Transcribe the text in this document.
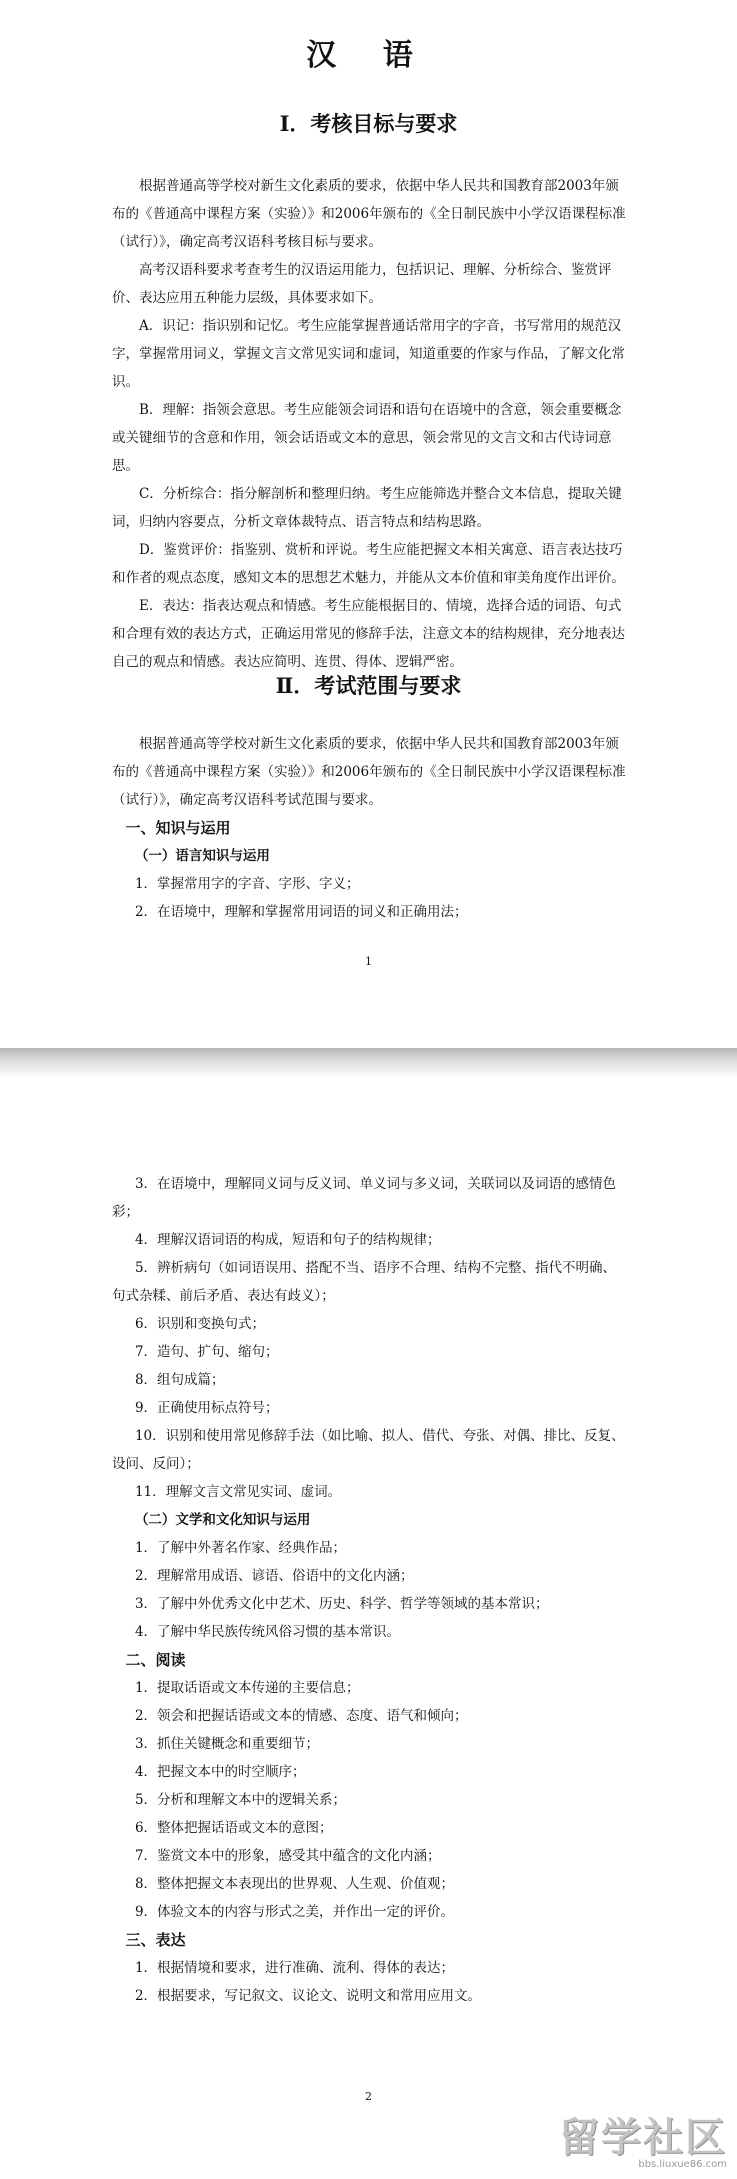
汉 语
Ⅰ．考核目标与要求

根据普通高等学校对新生文化素质的要求，依据中华人民共和国教育部2003年颁布的《普通高中课程方案（实验）》和2006年颁布的《全日制民族中小学汉语课程标准（试行）》，确定高考汉语科考核目标与要求。

高考汉语科要求考查考生的汉语运用能力，包括识记、理解、分析综合、鉴赏评价、表达应用五种能力层级，具体要求如下。

A．识记：指识别和记忆。考生应能掌握普通话常用字的字音，书写常用的规范汉字，掌握常用词义，掌握文言文常见实词和虚词，知道重要的作家与作品，了解文化常识。

B．理解：指领会意思。考生应能领会词语和语句在语境中的含意，领会重要概念或关键细节的含意和作用，领会话语或文本的意思，领会常见的文言文和古代诗词意思。

C．分析综合：指分解剖析和整理归纳。考生应能筛选并整合文本信息，提取关键词，归纳内容要点，分析文章体裁特点、语言特点和结构思路。

D．鉴赏评价：指鉴别、赏析和评说。考生应能把握文本相关寓意、语言表达技巧和作者的观点态度，感知文本的思想艺术魅力，并能从文本价值和审美角度作出评价。

E．表达：指表达观点和情感。考生应能根据目的、情境，选择合适的词语、句式和合理有效的表达方式，正确运用常见的修辞手法，注意文本的结构规律，充分地表达自己的观点和情感。表达应简明、连贯、得体、逻辑严密。

Ⅱ．考试范围与要求

根据普通高等学校对新生文化素质的要求，依据中华人民共和国教育部2003年颁布的《普通高中课程方案（实验）》和2006年颁布的《全日制民族中小学汉语课程标准（试行）》，确定高考汉语科考试范围与要求。

一、知识与运用

（一）语言知识与运用

1．掌握常用字的字音、字形、字义；

2．在语境中，理解和掌握常用词语的词义和正确用法；

1

3．在语境中，理解同义词与反义词、单义词与多义词，关联词以及词语的感情色彩；

4．理解汉语词语的构成，短语和句子的结构规律；

5．辨析病句（如词语误用、搭配不当、语序不合理、结构不完整、指代不明确、句式杂糅、前后矛盾、表达有歧义）；

6．识别和变换句式；

7．造句、扩句、缩句；

8．组句成篇；

9．正确使用标点符号；

10．识别和使用常见修辞手法（如比喻、拟人、借代、夸张、对偶、排比、反复、设问、反问）；

11．理解文言文常见实词、虚词。

（二）文学和文化知识与运用

1．了解中外著名作家、经典作品；

2．理解常用成语、谚语、俗语中的文化内涵；

3．了解中外优秀文化中艺术、历史、科学、哲学等领域的基本常识；

4．了解中华民族传统风俗习惯的基本常识。

二、阅读

1．提取话语或文本传递的主要信息；

2．领会和把握话语或文本的情感、态度、语气和倾向；

3．抓住关键概念和重要细节；

4．把握文本中的时空顺序；

5．分析和理解文本中的逻辑关系；

6．整体把握话语或文本的意图；

7．鉴赏文本中的形象，感受其中蕴含的文化内涵；

8．整体把握文本表现出的世界观、人生观、价值观；

9．体验文本的内容与形式之美，并作出一定的评价。

三、表达

1．根据情境和要求，进行准确、流利、得体的表达；

2．根据要求，写记叙文、议论文、说明文和常用应用文。

2
留学社区
bbs.liuxue86.com
